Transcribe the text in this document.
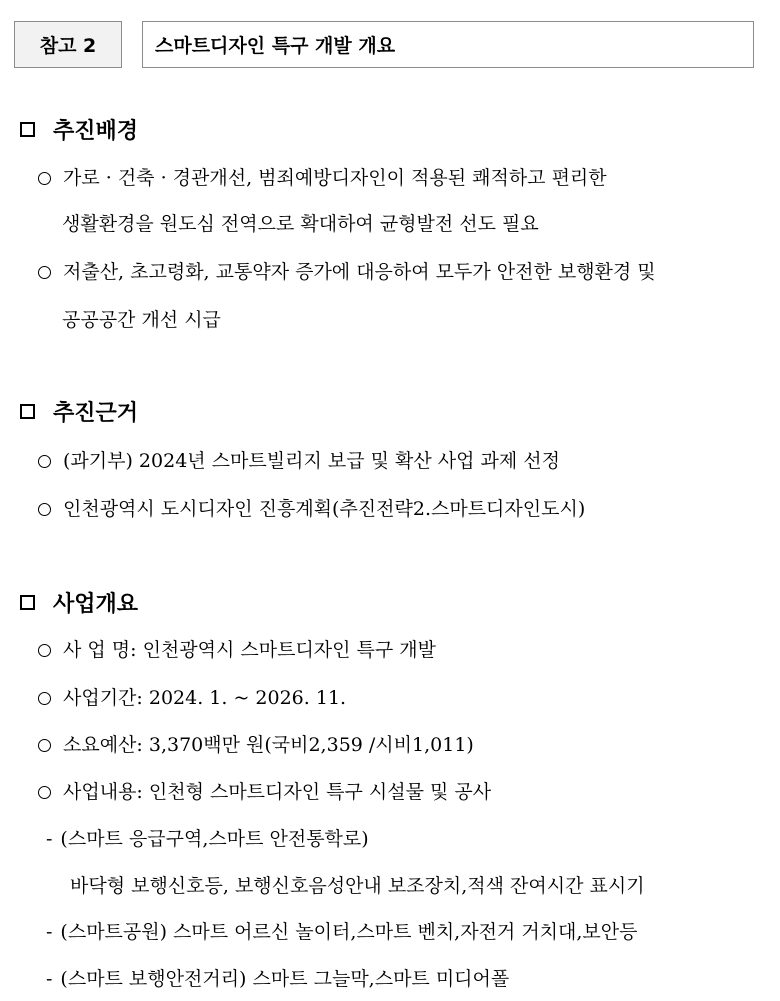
참고 2	스마트디자인 특구 개발 개요
추진배경
가로 · 건축 · 경관개선, 범죄예방디자인이 적용된 쾌적하고 편리한
생활환경을 원도심 전역으로 확대하여 균형발전 선도 필요
저출산, 초고령화, 교통약자 증가에 대응하여 모두가 안전한 보행환경 및
공공공간 개선 시급
추진근거
(과기부) 2024년 스마트빌리지 보급 및 확산 사업 과제 선정
인천광역시 도시디자인 진흥계획(추진전략2.스마트디자인도시)
사업개요
사 업 명: 인천광역시 스마트디자인 특구 개발
사업기간: 2024. 1. ~ 2026. 11.
소요예산: 3,370백만 원(국비2,359 /시비1,011)
사업내용: 인천형 스마트디자인 특구 시설물 및 공사
- (스마트 응급구역,스마트 안전통학로)
바닥형 보행신호등, 보행신호음성안내 보조장치,적색 잔여시간 표시기
- (스마트공원) 스마트 어르신 놀이터,스마트 벤치,자전거 거치대,보안등
- (스마트 보행안전거리) 스마트 그늘막,스마트 미디어폴
